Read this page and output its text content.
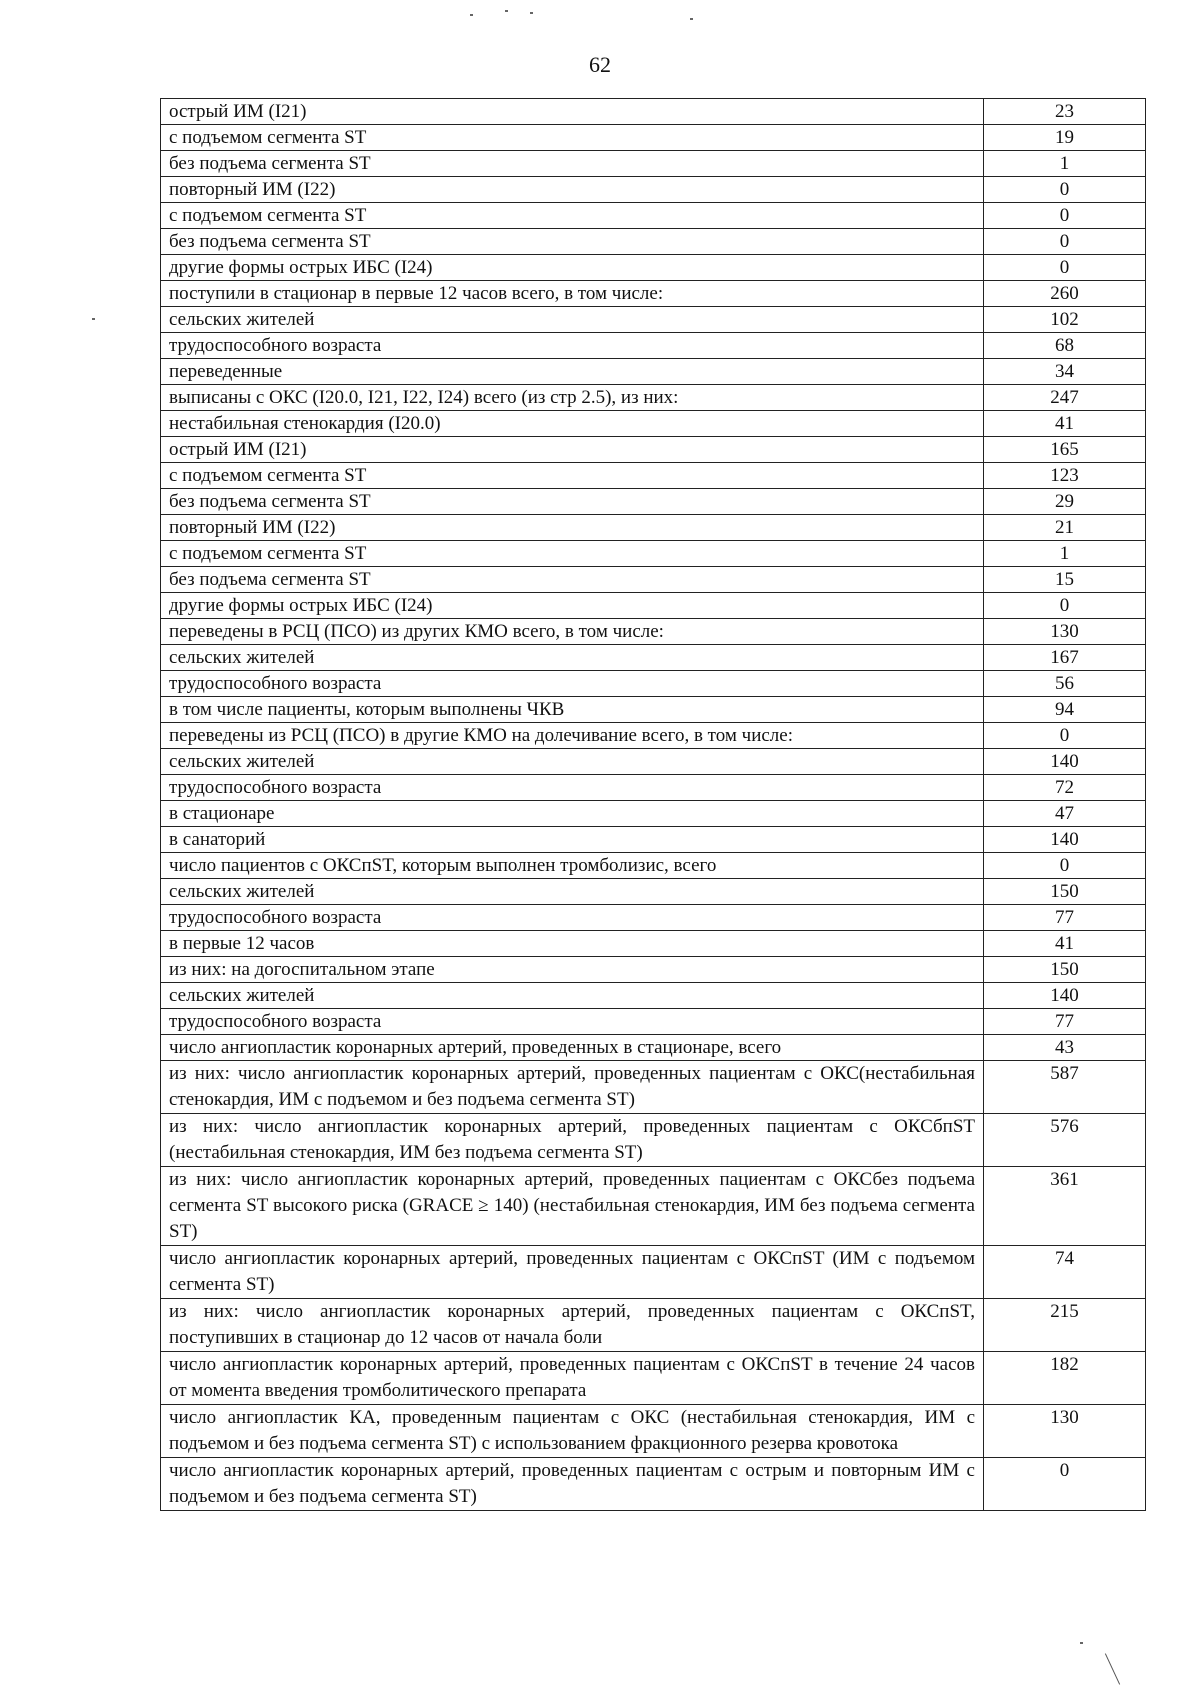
62
острый ИМ (I21)	23
с подъемом сегмента ST	19
без подъема сегмента ST	1
повторный ИМ (I22)	0
с подъемом сегмента ST	0
без подъема сегмента ST	0
другие формы острых ИБС (I24)	0
поступили в стационар в первые 12 часов всего, в том числе:	260
сельских жителей	102
трудоспособного возраста	68
переведенные	34
выписаны с ОКС (I20.0, I21, I22, I24) всего (из стр 2.5), из них:	247
нестабильная стенокардия (I20.0)	41
острый ИМ (I21)	165
с подъемом сегмента ST	123
без подъема сегмента ST	29
повторный ИМ (I22)	21
с подъемом сегмента ST	1
без подъема сегмента ST	15
другие формы острых ИБС (I24)	0
переведены в РСЦ (ПСО) из других КМО всего, в том числе:	130
сельских жителей	167
трудоспособного возраста	56
в том числе пациенты, которым выполнены ЧКВ	94
переведены из РСЦ (ПСО) в другие КМО на долечивание всего, в том числе:	0
сельских жителей	140
трудоспособного возраста	72
в стационаре	47
в санаторий	140
число пациентов с ОКСпST, которым выполнен тромболизис, всего	0
сельских жителей	150
трудоспособного возраста	77
в первые 12 часов	41
из них: на догоспитальном этапе	150
сельских жителей	140
трудоспособного возраста	77
число ангиопластик коронарных артерий, проведенных в стационаре, всего	43
из них: число ангиопластик коронарных артерий, проведенных пациентам с ОКС(нестабильная стенокардия, ИМ с подъемом и без подъема сегмента ST)	587
из них: число ангиопластик коронарных артерий, проведенных пациентам с ОКСбпST (нестабильная стенокардия, ИМ без подъема сегмента ST)	576
из них: число ангиопластик коронарных артерий, проведенных пациентам с ОКСбез подъема сегмента ST высокого риска (GRACE ≥ 140) (нестабильная стенокардия, ИМ без подъема сегмента ST)	361
число ангиопластик коронарных артерий, проведенных пациентам с ОКСпST (ИМ с подъемом сегмента ST)	74
из них: число ангиопластик коронарных артерий, проведенных пациентам с ОКСпST, поступивших в стационар до 12 часов от начала боли	215
число ангиопластик коронарных артерий, проведенных пациентам с ОКСпST в течение 24 часов от момента введения тромболитического препарата	182
число ангиопластик КА, проведенным пациентам с ОКС (нестабильная стенокардия, ИМ с подъемом и без подъема сегмента ST) с использованием фракционного резерва кровотока	130
число ангиопластик коронарных артерий, проведенных пациентам с острым и повторным ИМ с подъемом и без подъема сегмента ST)	0
